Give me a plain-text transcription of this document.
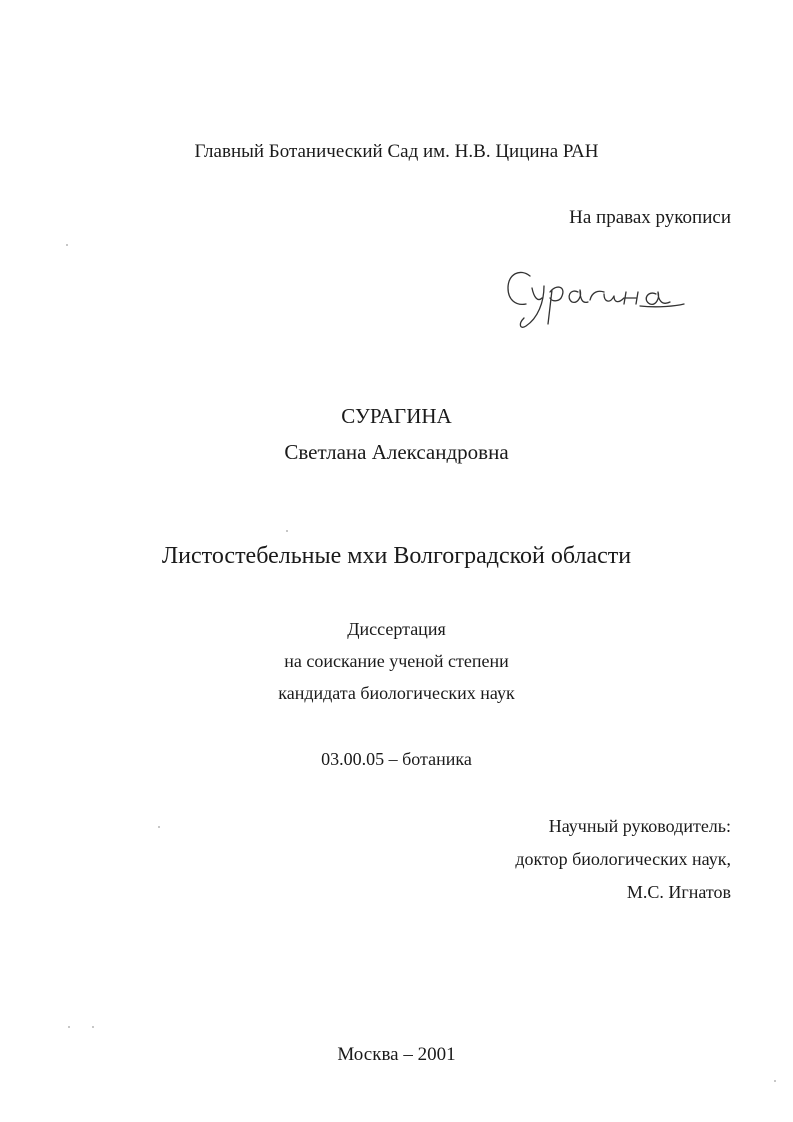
Главный Ботанический Сад им. Н.В. Цицина РАН
На правах рукописи
СУРАГИНА
Светлана Александровна
Листостебельные мхи Волгоградской области
Диссертация
на соискание ученой степени
кандидата биологических наук
03.00.05 – ботаника
Научный руководитель:
доктор биологических наук,
М.С. Игнатов
Москва – 2001
